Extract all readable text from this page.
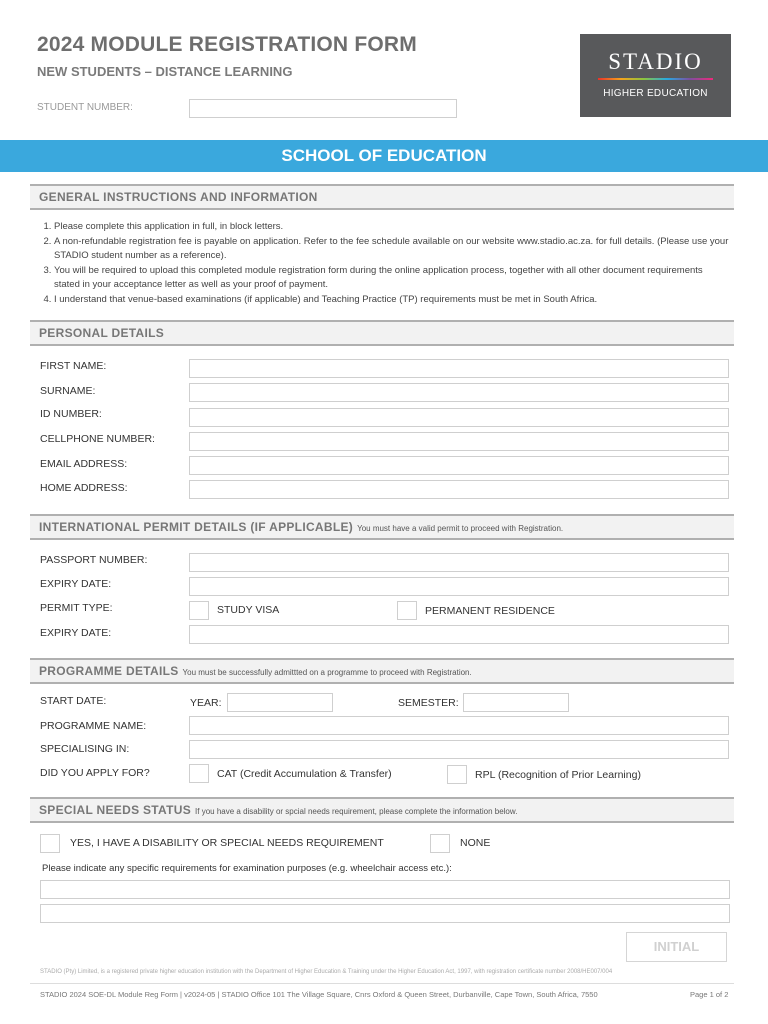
2024 MODULE REGISTRATION FORM
NEW STUDENTS – DISTANCE LEARNING
STUDENT NUMBER:
STADIO
HIGHER EDUCATION
SCHOOL OF EDUCATION
GENERAL INSTRUCTIONS AND INFORMATION
1. Please complete this application in full, in block letters.
2. A non-refundable registration fee is payable on application. Refer to the fee schedule available on our website www.stadio.ac.za. for full details. (Please use your STADIO student number as a reference).
3. You will be required to upload this completed module registration form during the online application process, together with all other document requirements stated in your acceptance letter as well as your proof of payment.
4. I understand that venue-based examinations (if applicable) and Teaching Practice (TP) requirements must be met in South Africa.
PERSONAL DETAILS
FIRST NAME:
SURNAME:
ID NUMBER:
CELLPHONE NUMBER:
EMAIL ADDRESS:
HOME ADDRESS:
INTERNATIONAL PERMIT DETAILS (IF APPLICABLE) You must have a valid permit to proceed with Registration.
PASSPORT NUMBER:
EXPIRY DATE:
PERMIT TYPE:	STUDY VISA	PERMANENT RESIDENCE
EXPIRY DATE:
PROGRAMME DETAILS You must be successfully admittted on a programme to proceed with Registration.
START DATE:	YEAR:	SEMESTER:
PROGRAMME NAME:
SPECIALISING IN:
DID YOU APPLY FOR?	CAT (Credit Accumulation & Transfer)	RPL (Recognition of Prior Learning)
SPECIAL NEEDS STATUS If you have a disability or spcial needs requirement, please complete the information below.
YES, I HAVE A DISABILITY OR SPECIAL NEEDS REQUIREMENT	NONE
Please indicate any specific requirements for examination purposes (e.g. wheelchair access etc.):
INITIAL
STADIO (Pty) Limited, is a registered private higher education institution with the Department of Higher Education & Training under the Higher Education Act, 1997, with registration certificate number 2008/HE007/004
STADIO 2024 SOE-DL Module Reg Form | v2024-05 | STADIO Office 101 The Village Square, Cnrs Oxford & Queen Street, Durbanville, Cape Town, South Africa, 7550	Page 1 of 2
